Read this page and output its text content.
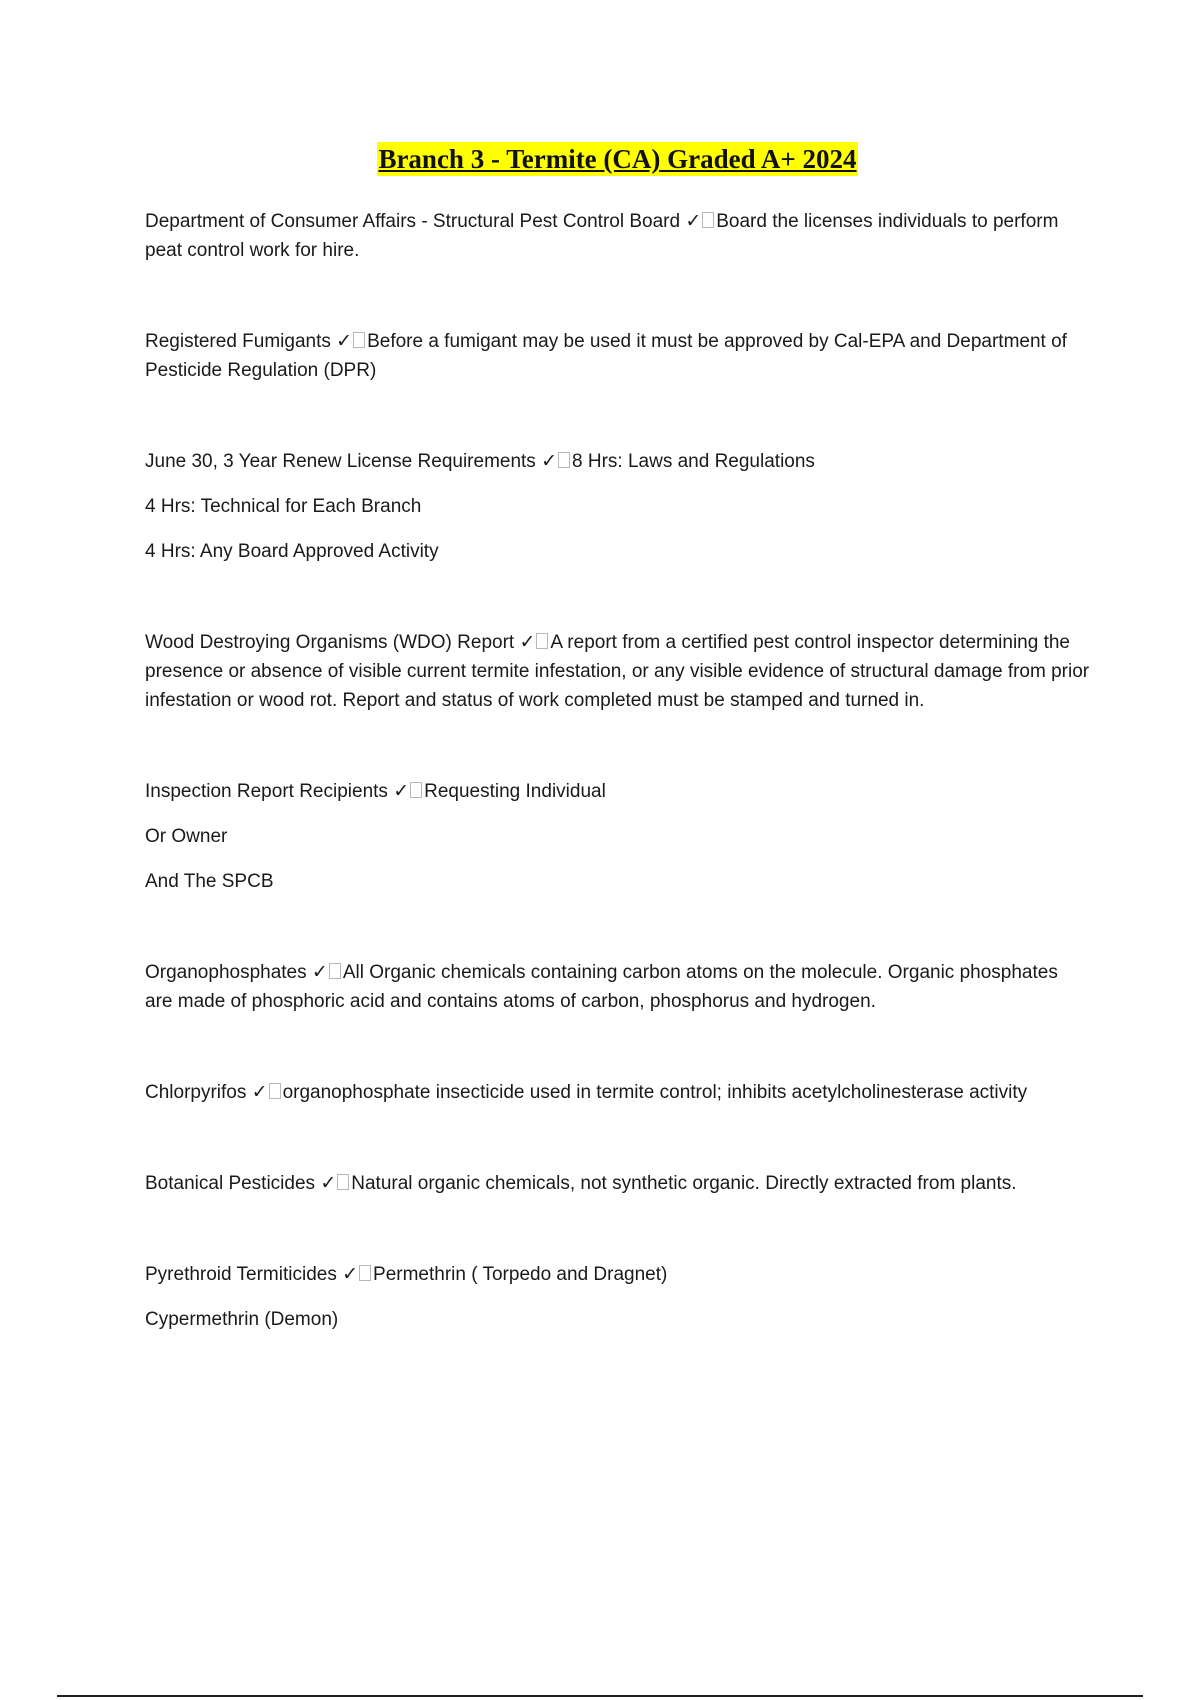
Branch 3 - Termite (CA) Graded A+ 2024

Department of Consumer Affairs - Structural Pest Control Board ✓ Board the licenses individuals to perform peat control work for hire.

Registered Fumigants ✓ Before a fumigant may be used it must be approved by Cal-EPA and Department of Pesticide Regulation (DPR)

June 30, 3 Year Renew License Requirements ✓ 8 Hrs: Laws and Regulations

4 Hrs: Technical for Each Branch

4 Hrs: Any Board Approved Activity

Wood Destroying Organisms (WDO) Report ✓ A report from a certified pest control inspector determining the presence or absence of visible current termite infestation, or any visible evidence of structural damage from prior infestation or wood rot. Report and status of work completed must be stamped and turned in.

Inspection Report Recipients ✓ Requesting Individual

Or Owner

And The SPCB

Organophosphates ✓ All Organic chemicals containing carbon atoms on the molecule. Organic phosphates are made of phosphoric acid and contains atoms of carbon, phosphorus and hydrogen.

Chlorpyrifos ✓ organophosphate insecticide used in termite control; inhibits acetylcholinesterase activity

Botanical Pesticides ✓ Natural organic chemicals, not synthetic organic. Directly extracted from plants.

Pyrethroid Termiticides ✓ Permethrin ( Torpedo and Dragnet)

Cypermethrin (Demon)
